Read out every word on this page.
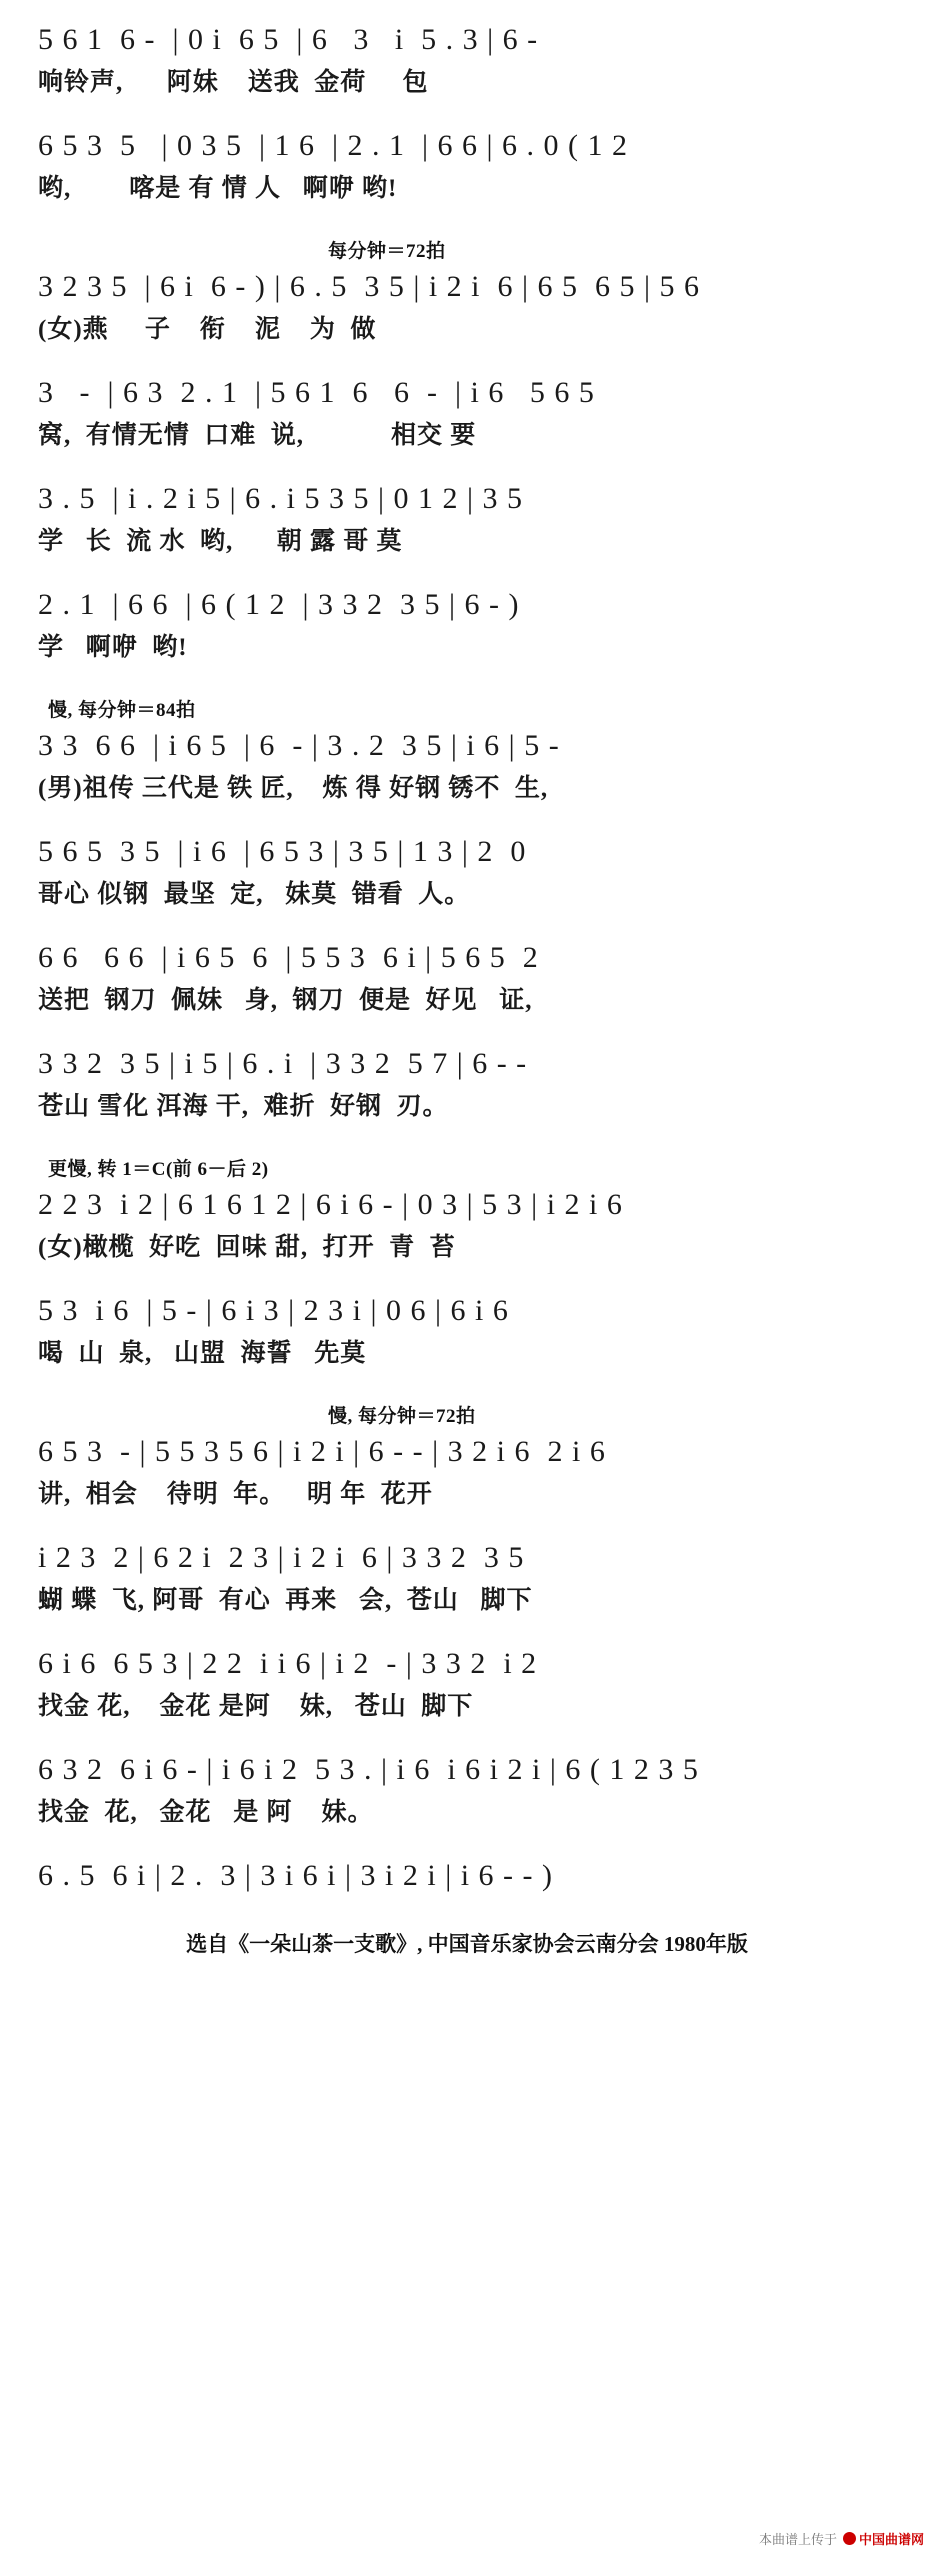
5 6 1  6 -  | 0 i  6 5  | 6   3   i  5 . 3 | 6 -
响铃声,      阿妹    送我  金荷     包
6 5 3  5   | 0 3 5  | 1 6  | 2 . 1  | 6 6 | 6 . 0 ( 1 2
哟,        喀是 有 情 人   啊咿 哟!
每分钟＝72拍
3 2 3 5  | 6 i  6 - ) | 6 . 5  3 5 | i 2 i  6 | 6 5  6 5 | 5 6
(女)燕     子    衔    泥    为  做
3   -  | 6 3  2 . 1  | 5 6 1  6   6  -  | i 6   5 6 5
窝,  有情无情  口难  说,            相交 要
3 . 5  | i . 2 i 5 | 6 . i 5 3 5 | 0 1 2 | 3 5
学   长  流 水  哟,      朝 露 哥 莫
2 . 1  | 6 6  | 6 ( 1 2  | 3 3 2  3 5 | 6 - )
学   啊咿  哟!
慢, 每分钟＝84拍
3 3  6 6  | i 6 5  | 6  - | 3 . 2  3 5 | i 6 | 5 -
(男)祖传 三代是 铁 匠,    炼 得 好钢 锈不  生,
5 6 5  3 5  | i 6  | 6 5 3 | 3 5 | 1 3 | 2  0
哥心 似钢  最坚  定,   妹莫  错看  人。
6 6   6 6  | i 6 5  6  | 5 5 3  6 i | 5 6 5  2
送把  钢刀  佩妹   身,  钢刀  便是  好见   证,
3 3 2  3 5 | i 5 | 6 . i  | 3 3 2  5 7 | 6 - -
苍山 雪化 洱海 干,  难折  好钢  刃。
更慢, 转 1＝C(前 6－后 2)
2 2 3  i 2 | 6 1 6 1 2 | 6 i 6 - | 0 3 | 5 3 | i 2 i 6
(女)橄榄  好吃  回味 甜,  打开  青  苔
5 3  i 6  | 5 - | 6 i 3 | 2 3 i | 0 6 | 6 i 6
喝  山  泉,   山盟  海誓   先莫
慢, 每分钟＝72拍
6 5 3  - | 5 5 3 5 6 | i 2 i | 6 - - | 3 2 i 6  2 i 6
讲,  相会    待明  年。   明 年  花开
i 2 3  2 | 6 2 i  2 3 | i 2 i  6 | 3 3 2  3 5
蝴 蝶  飞, 阿哥  有心  再来   会,  苍山   脚下
6 i 6  6 5 3 | 2 2  i i 6 | i 2  - | 3 3 2  i 2
找金 花,    金花 是阿    妹,   苍山  脚下
6 3 2  6 i 6 - | i 6 i 2  5 3 . | i 6  i 6 i 2 i | 6 ( 1 2 3 5
找金  花,   金花   是 阿    妹。
6 . 5  6 i | 2 .  3 | 3 i 6 i | 3 i 2 i | i 6 - - )
选自《一朵山茶一支歌》, 中国音乐家协会云南分会 1980年版
本曲谱上传于 中国曲谱网
